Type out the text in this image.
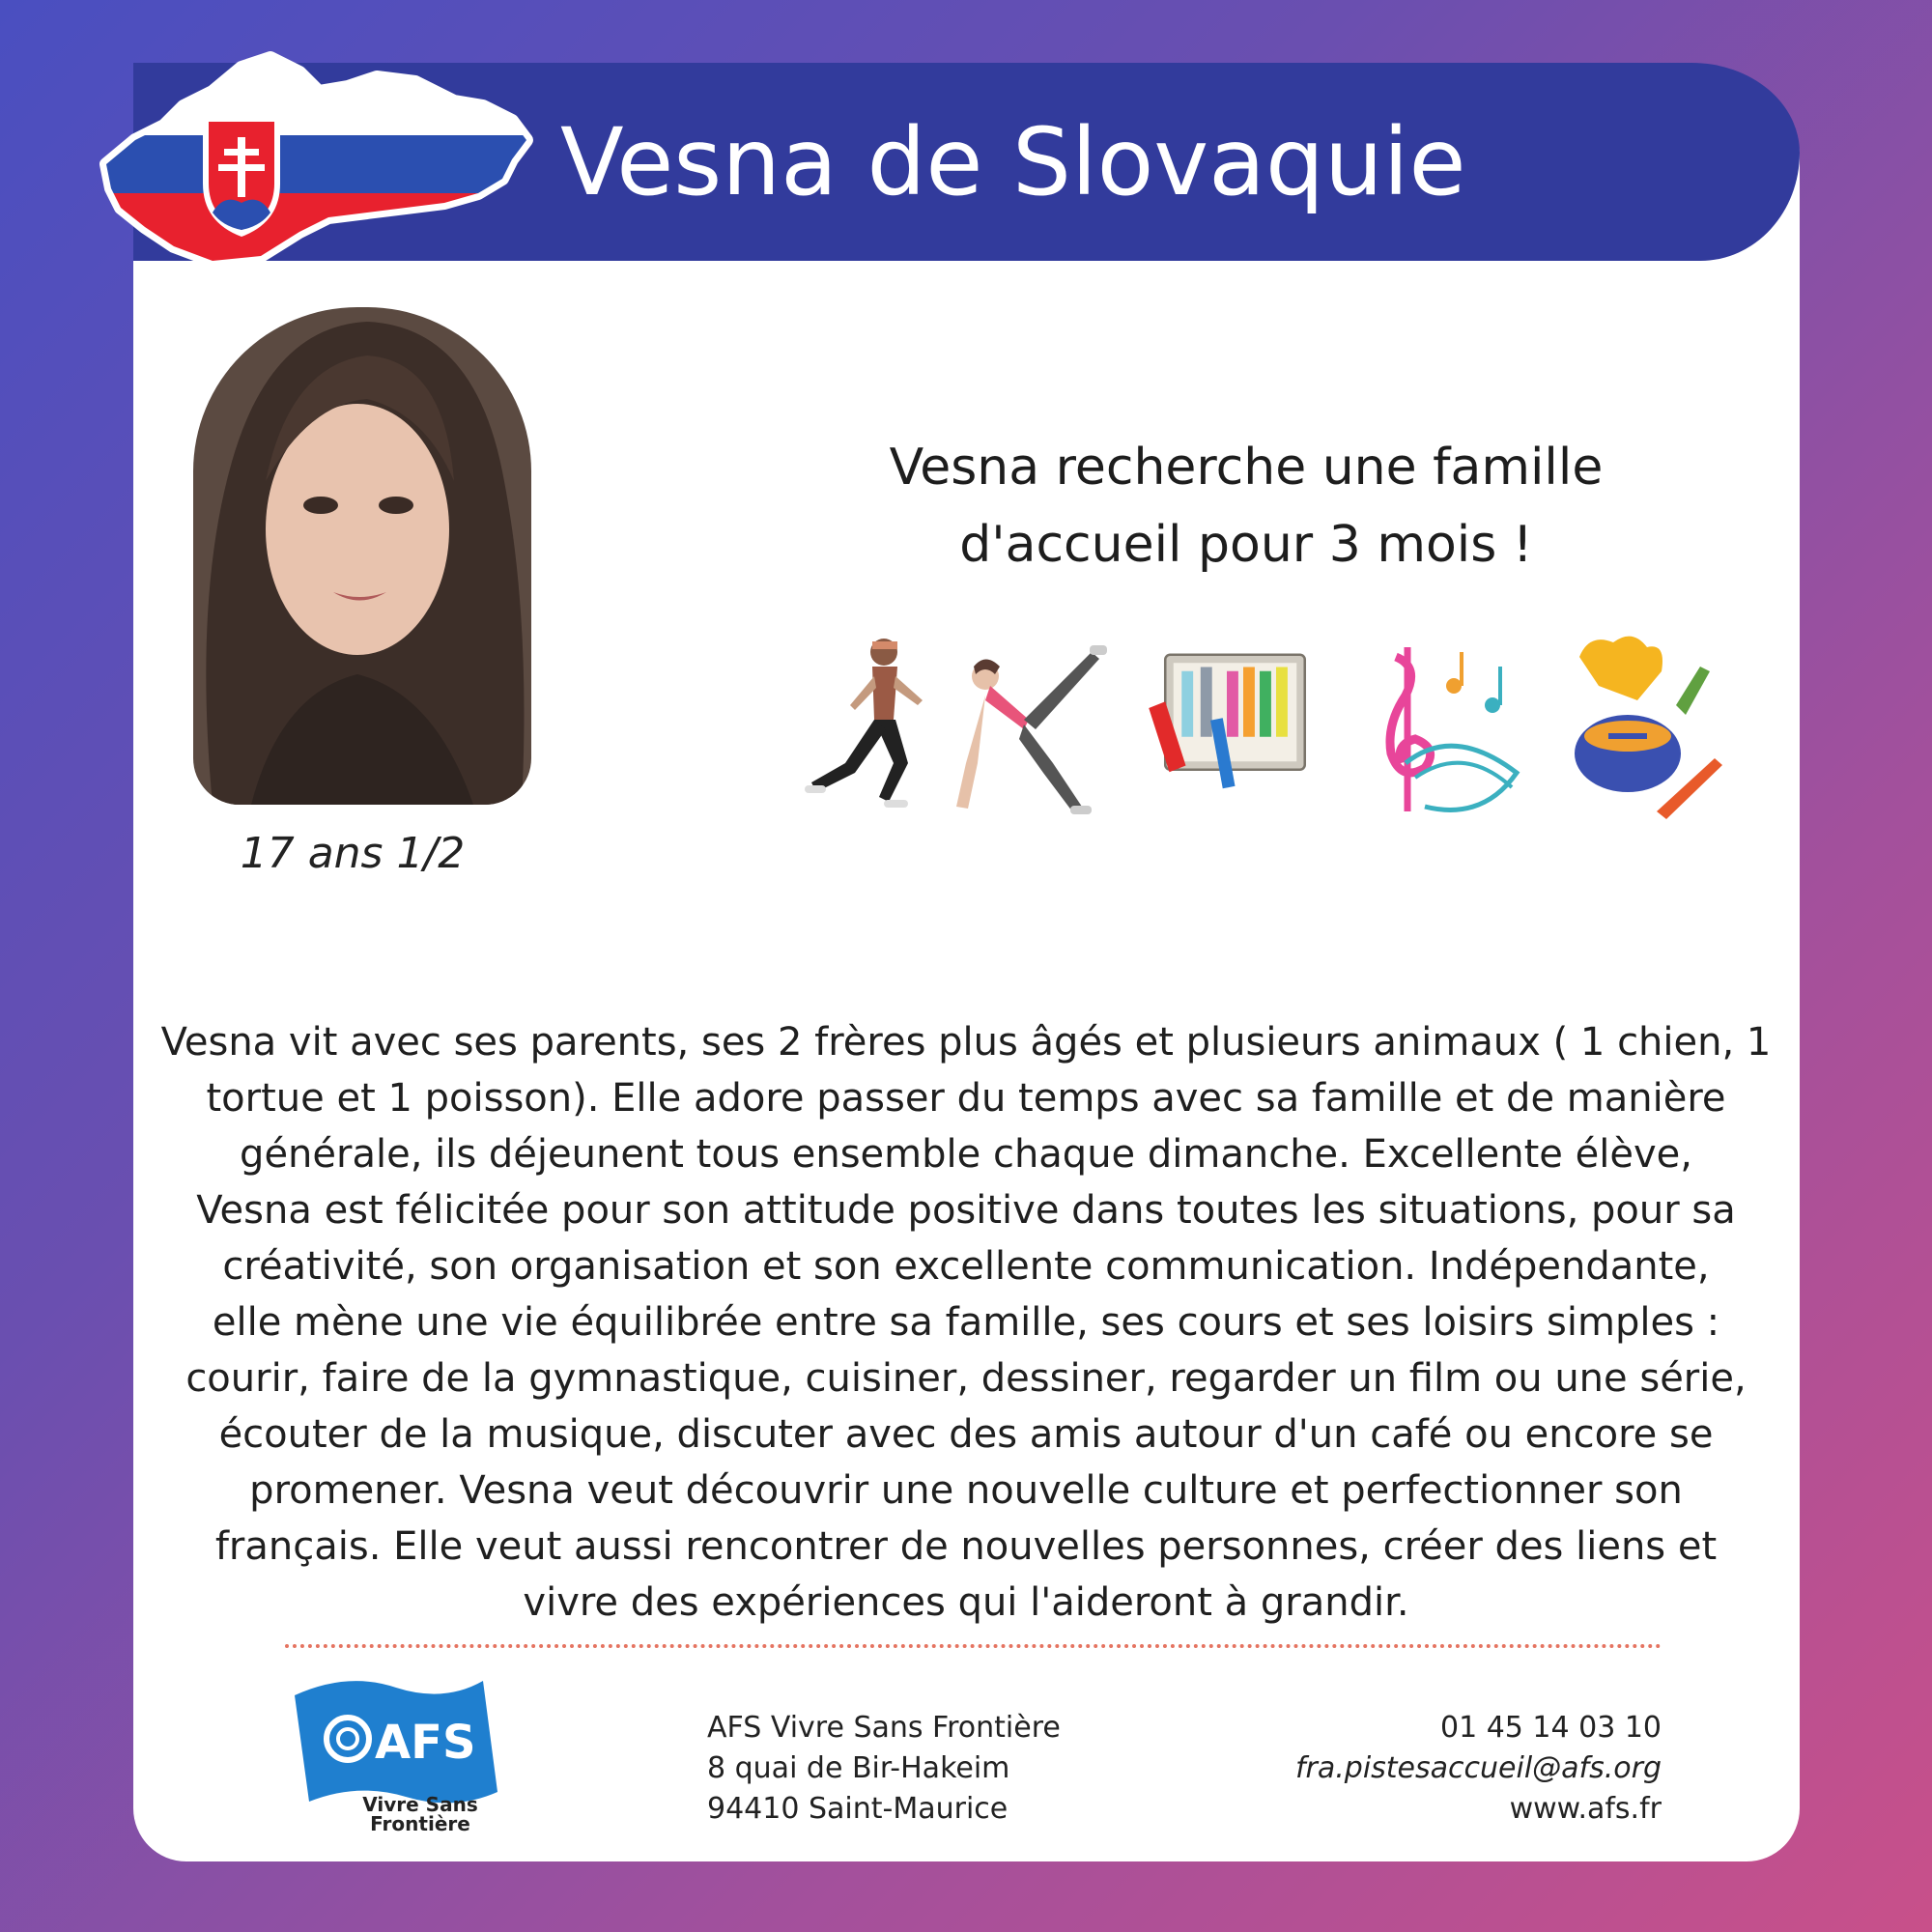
Vesna de Slovaquie
17 ans 1/2
Vesna recherche une famille
d'accueil pour 3 mois !
Vesna vit avec ses parents, ses 2 frères plus âgés et plusieurs animaux ( 1 chien, 1
tortue et 1 poisson). Elle adore passer du temps avec sa famille et de manière
générale, ils déjeunent tous ensemble chaque dimanche. Excellente élève,
Vesna est félicitée pour son attitude positive dans toutes les situations, pour sa
créativité, son organisation et son excellente communication. Indépendante,
elle mène une vie équilibrée entre sa famille, ses cours et ses loisirs simples :
courir, faire de la gymnastique, cuisiner, dessiner, regarder un film ou une série,
écouter de la musique, discuter avec des amis autour d'un café ou encore se
promener. Vesna veut découvrir une nouvelle culture et perfectionner son
français. Elle veut aussi rencontrer de nouvelles personnes, créer des liens et
vivre des expériences qui l'aideront à grandir.
AFS
Vivre Sans
Frontière
AFS Vivre Sans Frontière
8 quai de Bir-Hakeim
94410 Saint-Maurice
01 45 14 03 10
fra.pistesaccueil@afs.org
www.afs.fr
